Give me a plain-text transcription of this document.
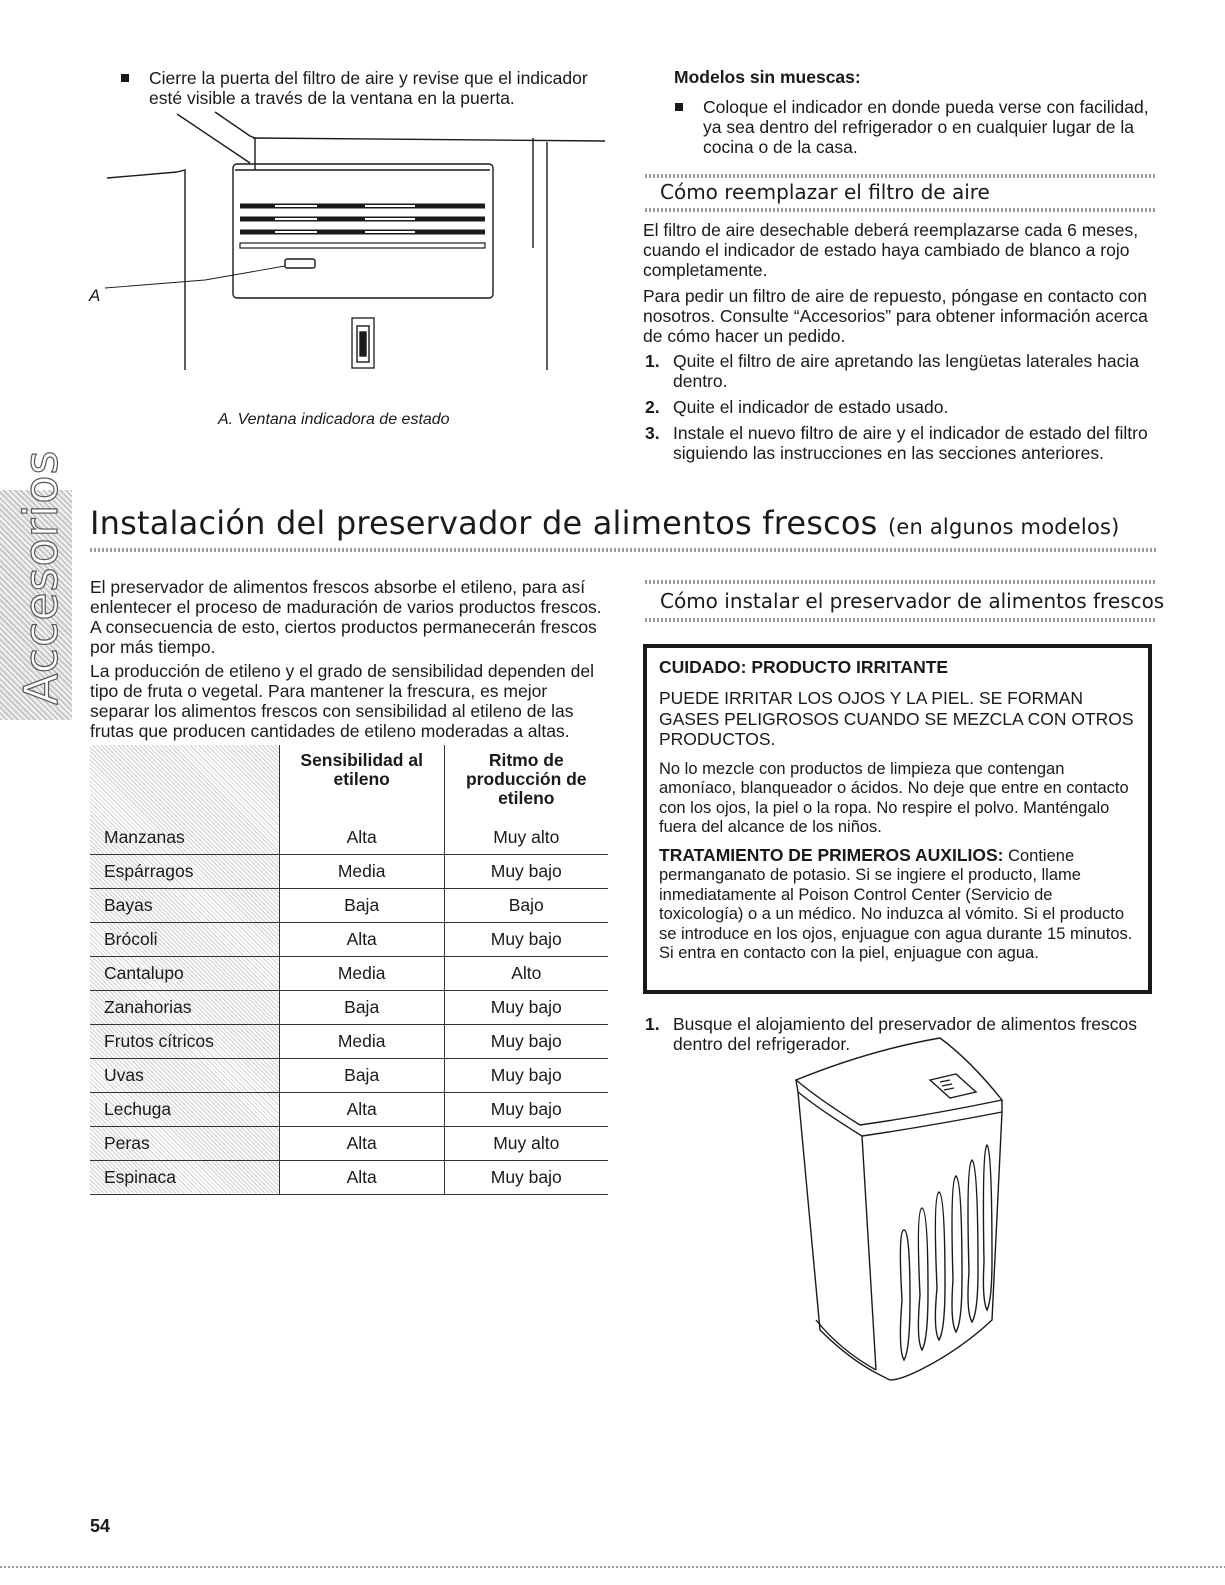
Cierre la puerta del filtro de aire y revise que el indicador esté visible a través de la ventana en la puerta.
A
A. Ventana indicadora de estado
Modelos sin muescas:
Coloque el indicador en donde pueda verse con facilidad, ya sea dentro del refrigerador o en cualquier lugar de la cocina o de la casa.
Cómo reemplazar el filtro de aire
El filtro de aire desechable deberá reemplazarse cada 6 meses, cuando el indicador de estado haya cambiado de blanco a rojo completamente.
Para pedir un filtro de aire de repuesto, póngase en contacto con nosotros. Consulte “Accesorios” para obtener información acerca de cómo hacer un pedido.
1. Quite el filtro de aire apretando las lengüetas laterales hacia dentro.
2. Quite el indicador de estado usado.
3. Instale el nuevo filtro de aire y el indicador de estado del filtro siguiendo las instrucciones en las secciones anteriores.
Accesorios Instalación del preservador de alimentos frescos (en algunos modelos)
El preservador de alimentos frescos absorbe el etileno, para así enlentecer el proceso de maduración de varios productos frescos. A consecuencia de esto, ciertos productos permanecerán frescos por más tiempo.
La producción de etileno y el grado de sensibilidad dependen del tipo de fruta o vegetal. Para mantener la frescura, es mejor separar los alimentos frescos con sensibilidad al etileno de las frutas que producen cantidades de etileno moderadas a altas.
	Sensibilidad al etileno	Ritmo de producción de etileno
Manzanas	Alta	Muy alto
Espárragos	Media	Muy bajo
Bayas	Baja	Bajo
Brócoli	Alta	Muy bajo
Cantalupo	Media	Alto
Zanahorias	Baja	Muy bajo
Frutos cítricos	Media	Muy bajo
Uvas	Baja	Muy bajo
Lechuga	Alta	Muy bajo
Peras	Alta	Muy alto
Espinaca	Alta	Muy bajo
Cómo instalar el preservador de alimentos frescos
CUIDADO: PRODUCTO IRRITANTE
PUEDE IRRITAR LOS OJOS Y LA PIEL. SE FORMAN GASES PELIGROSOS CUANDO SE MEZCLA CON OTROS PRODUCTOS.
No lo mezcle con productos de limpieza que contengan amoníaco, blanqueador o ácidos. No deje que entre en contacto con los ojos, la piel o la ropa. No respire el polvo. Manténgalo fuera del alcance de los niños.
TRATAMIENTO DE PRIMEROS AUXILIOS: Contiene permanganato de potasio. Si se ingiere el producto, llame inmediatamente al Poison Control Center (Servicio de toxicología) o a un médico. No induzca al vómito. Si el producto se introduce en los ojos, enjuague con agua durante 15 minutos. Si entra en contacto con la piel, enjuague con agua.
1. Busque el alojamiento del preservador de alimentos frescos dentro del refrigerador.
54
